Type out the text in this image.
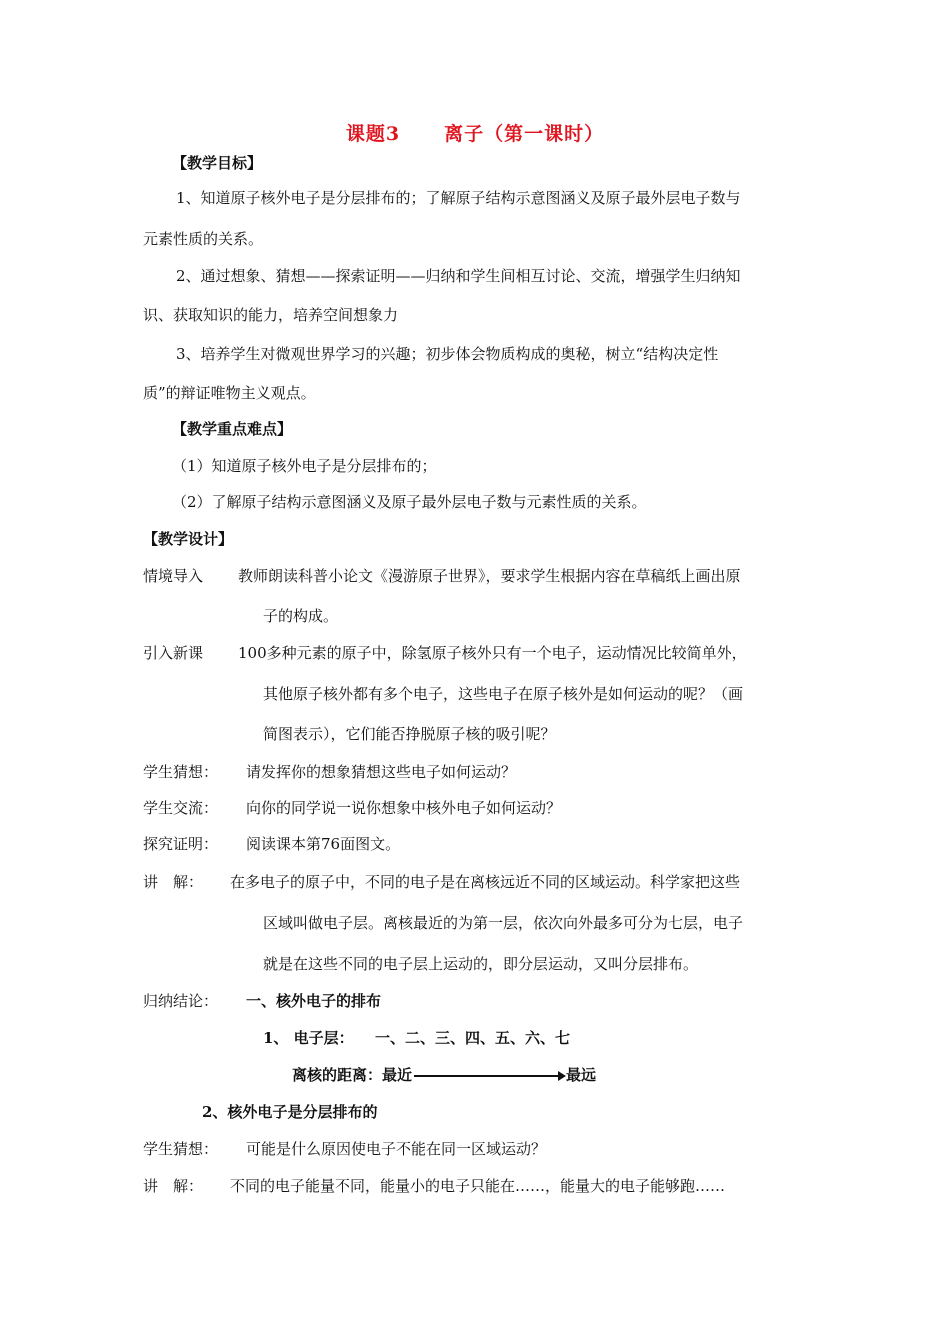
课题3 离子（第一课时）
【教学目标】
1、知道原子核外电子是分层排布的；了解原子结构示意图涵义及原子最外层电子数与
元素性质的关系。
2、通过想象、猜想——探索证明——归纳和学生间相互讨论、交流，增强学生归纳知
识、获取知识的能力，培养空间想象力
3、培养学生对微观世界学习的兴趣；初步体会物质构成的奥秘，树立“结构决定性
质”的辩证唯物主义观点。
【教学重点难点】
（1）知道原子核外电子是分层排布的；
（2）了解原子结构示意图涵义及原子最外层电子数与元素性质的关系。
【教学设计】
情境导入 教师朗读科普小论文《漫游原子世界》，要求学生根据内容在草稿纸上画出原
子的构成。
引入新课 100多种元素的原子中，除氢原子核外只有一个电子，运动情况比较简单外，
其他原子核外都有多个电子，这些电子在原子核外是如何运动的呢？（画
简图表示），它们能否挣脱原子核的吸引呢？
学生猜想： 请发挥你的想象猜想这些电子如何运动？
学生交流： 向你的同学说一说你想象中核外电子如何运动？
探究证明： 阅读课本第76面图文。
讲　解： 在多电子的原子中，不同的电子是在离核远近不同的区域运动。科学家把这些
区域叫做电子层。离核最近的为第一层，依次向外最多可分为七层，电子
就是在这些不同的电子层上运动的，即分层运动，又叫分层排布。
归纳结论： 一、核外电子的排布
1、 电子层： 一、二、三、四、五、六、七
离核的距离：最近	最远
2、核外电子是分层排布的
学生猜想： 可能是什么原因使电子不能在同一区域运动？
讲　解： 不同的电子能量不同，能量小的电子只能在……，能量大的电子能够跑……
